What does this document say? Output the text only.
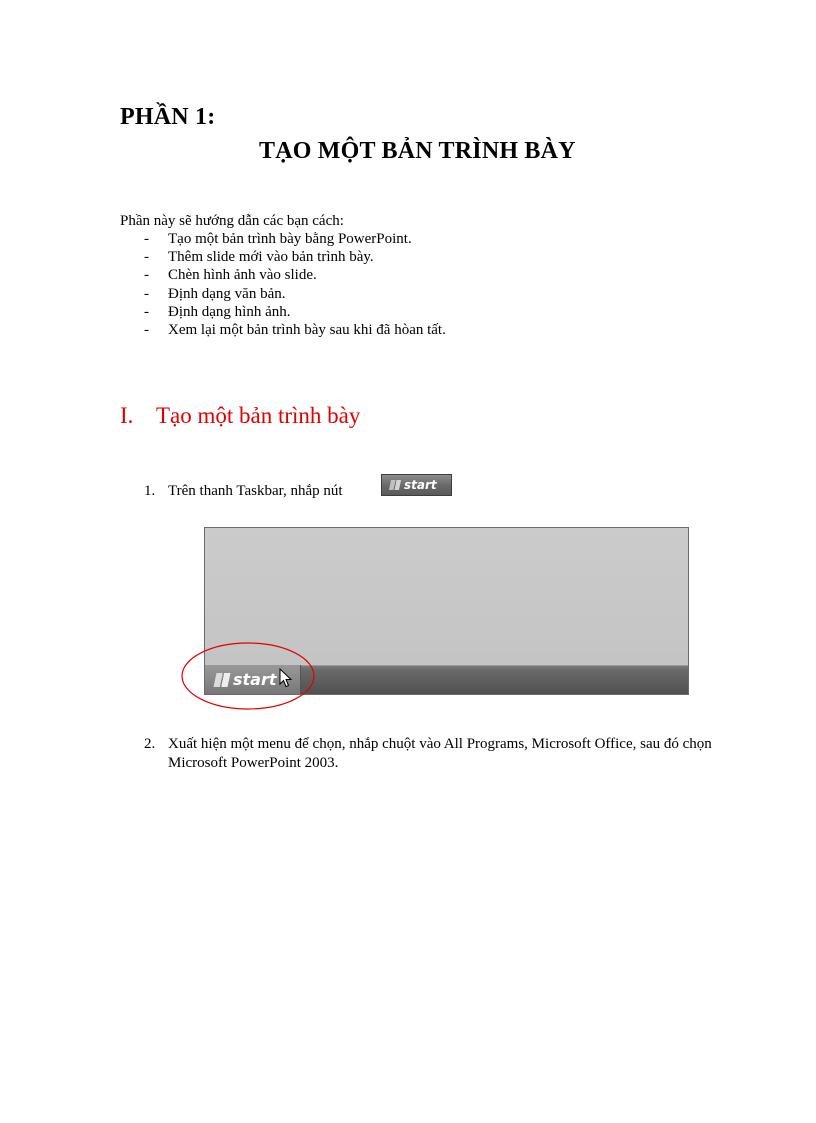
PHẦN 1:
TẠO MỘT BẢN TRÌNH BÀY
Phần này sẽ hướng dẫn các bạn cách:
- Tạo một bản trình bày bằng PowerPoint.
- Thêm slide mới vào bản trình bày.
- Chèn hình ảnh vào slide.
- Định dạng văn bản.
- Định dạng hình ảnh.
- Xem lại một bản trình bày sau khi đã hòan tất.
I. Tạo một bản trình bày
1. Trên thanh Taskbar, nhắp nút	start
start
2. Xuất hiện một menu để chọn, nhắp chuột vào All Programs, Microsoft Office, sau đó chọn Microsoft PowerPoint 2003.
